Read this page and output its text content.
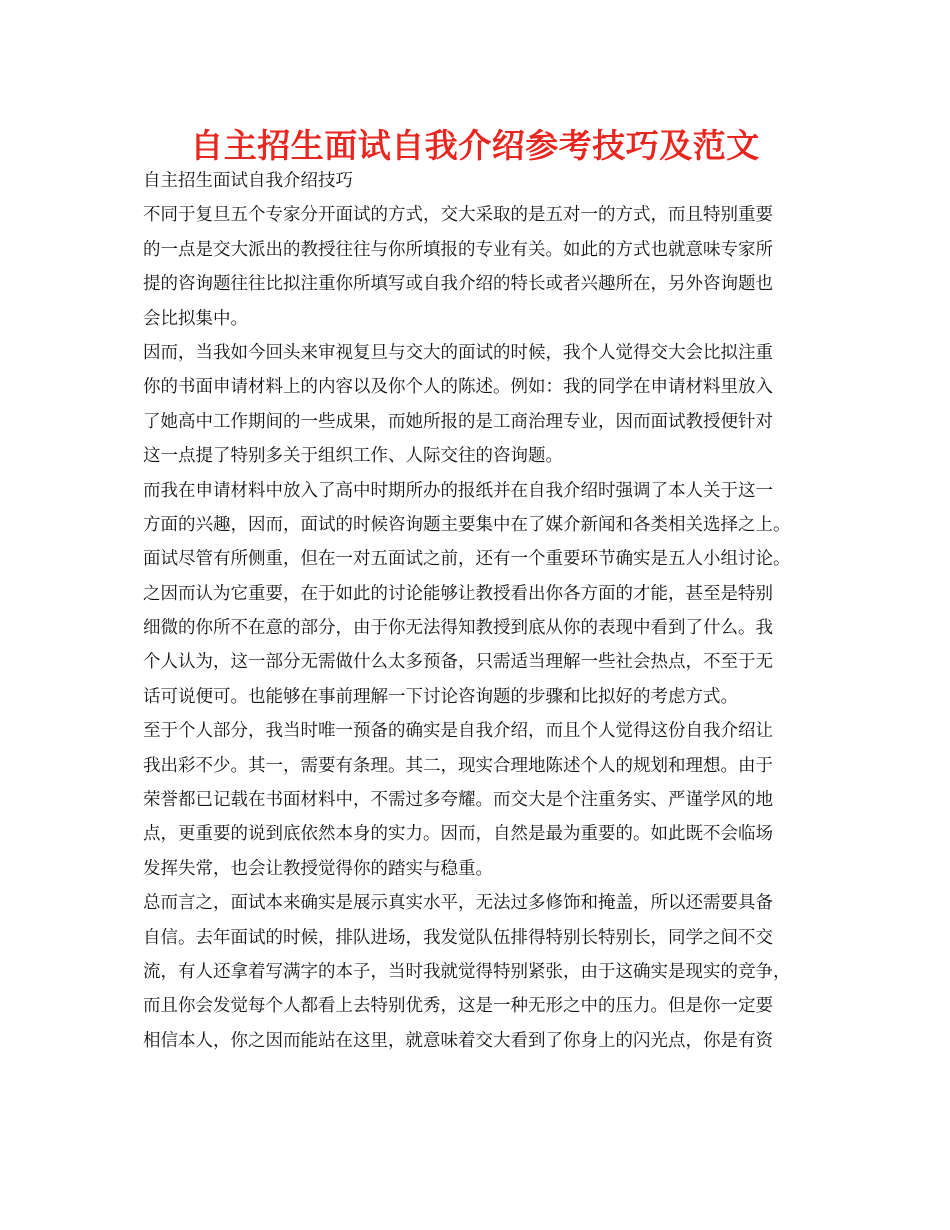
自主招生面试自我介绍参考技巧及范文
自主招生面试自我介绍技巧
不同于复旦五个专家分开面试的方式，交大采取的是五对一的方式，而且特别重要
的一点是交大派出的教授往往与你所填报的专业有关。如此的方式也就意味专家所
提的咨询题往往比拟注重你所填写或自我介绍的特长或者兴趣所在，另外咨询题也
会比拟集中。
因而，当我如今回头来审视复旦与交大的面试的时候，我个人觉得交大会比拟注重
你的书面申请材料上的内容以及你个人的陈述。例如：我的同学在申请材料里放入
了她高中工作期间的一些成果，而她所报的是工商治理专业，因而面试教授便针对
这一点提了特别多关于组织工作、人际交往的咨询题。
而我在申请材料中放入了高中时期所办的报纸并在自我介绍时强调了本人关于这一
方面的兴趣，因而，面试的时候咨询题主要集中在了媒介新闻和各类相关选择之上。
面试尽管有所侧重，但在一对五面试之前，还有一个重要环节确实是五人小组讨论。
之因而认为它重要，在于如此的讨论能够让教授看出你各方面的才能，甚至是特别
细微的你所不在意的部分，由于你无法得知教授到底从你的表现中看到了什么。我
个人认为，这一部分无需做什么太多预备，只需适当理解一些社会热点，不至于无
话可说便可。也能够在事前理解一下讨论咨询题的步骤和比拟好的考虑方式。
至于个人部分，我当时唯一预备的确实是自我介绍，而且个人觉得这份自我介绍让
我出彩不少。其一，需要有条理。其二，现实合理地陈述个人的规划和理想。由于
荣誉都已记载在书面材料中，不需过多夸耀。而交大是个注重务实、严谨学风的地
点，更重要的说到底依然本身的实力。因而，自然是最为重要的。如此既不会临场
发挥失常，也会让教授觉得你的踏实与稳重。
总而言之，面试本来确实是展示真实水平，无法过多修饰和掩盖，所以还需要具备
自信。去年面试的时候，排队进场，我发觉队伍排得特别长特别长，同学之间不交
流，有人还拿着写满字的本子，当时我就觉得特别紧张，由于这确实是现实的竞争，
而且你会发觉每个人都看上去特别优秀，这是一种无形之中的压力。但是你一定要
相信本人，你之因而能站在这里，就意味着交大看到了你身上的闪光点，你是有资
